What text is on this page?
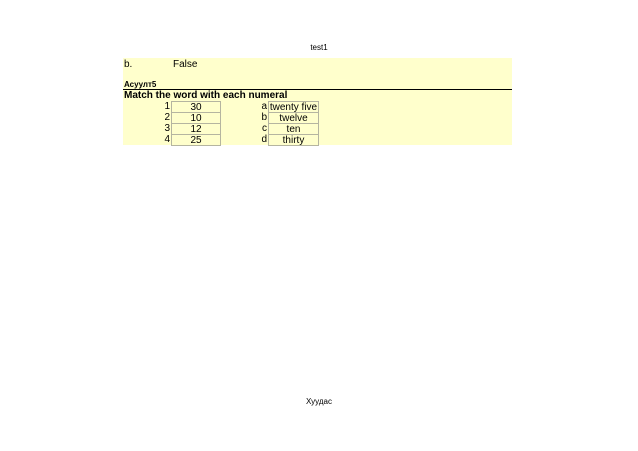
test1
b.	False
Асуулт5
Match the word with each numeral
1	30	a twenty five
2	10	b	twelve
3	12	c	ten
4	25	d	thirty
Хуудас
